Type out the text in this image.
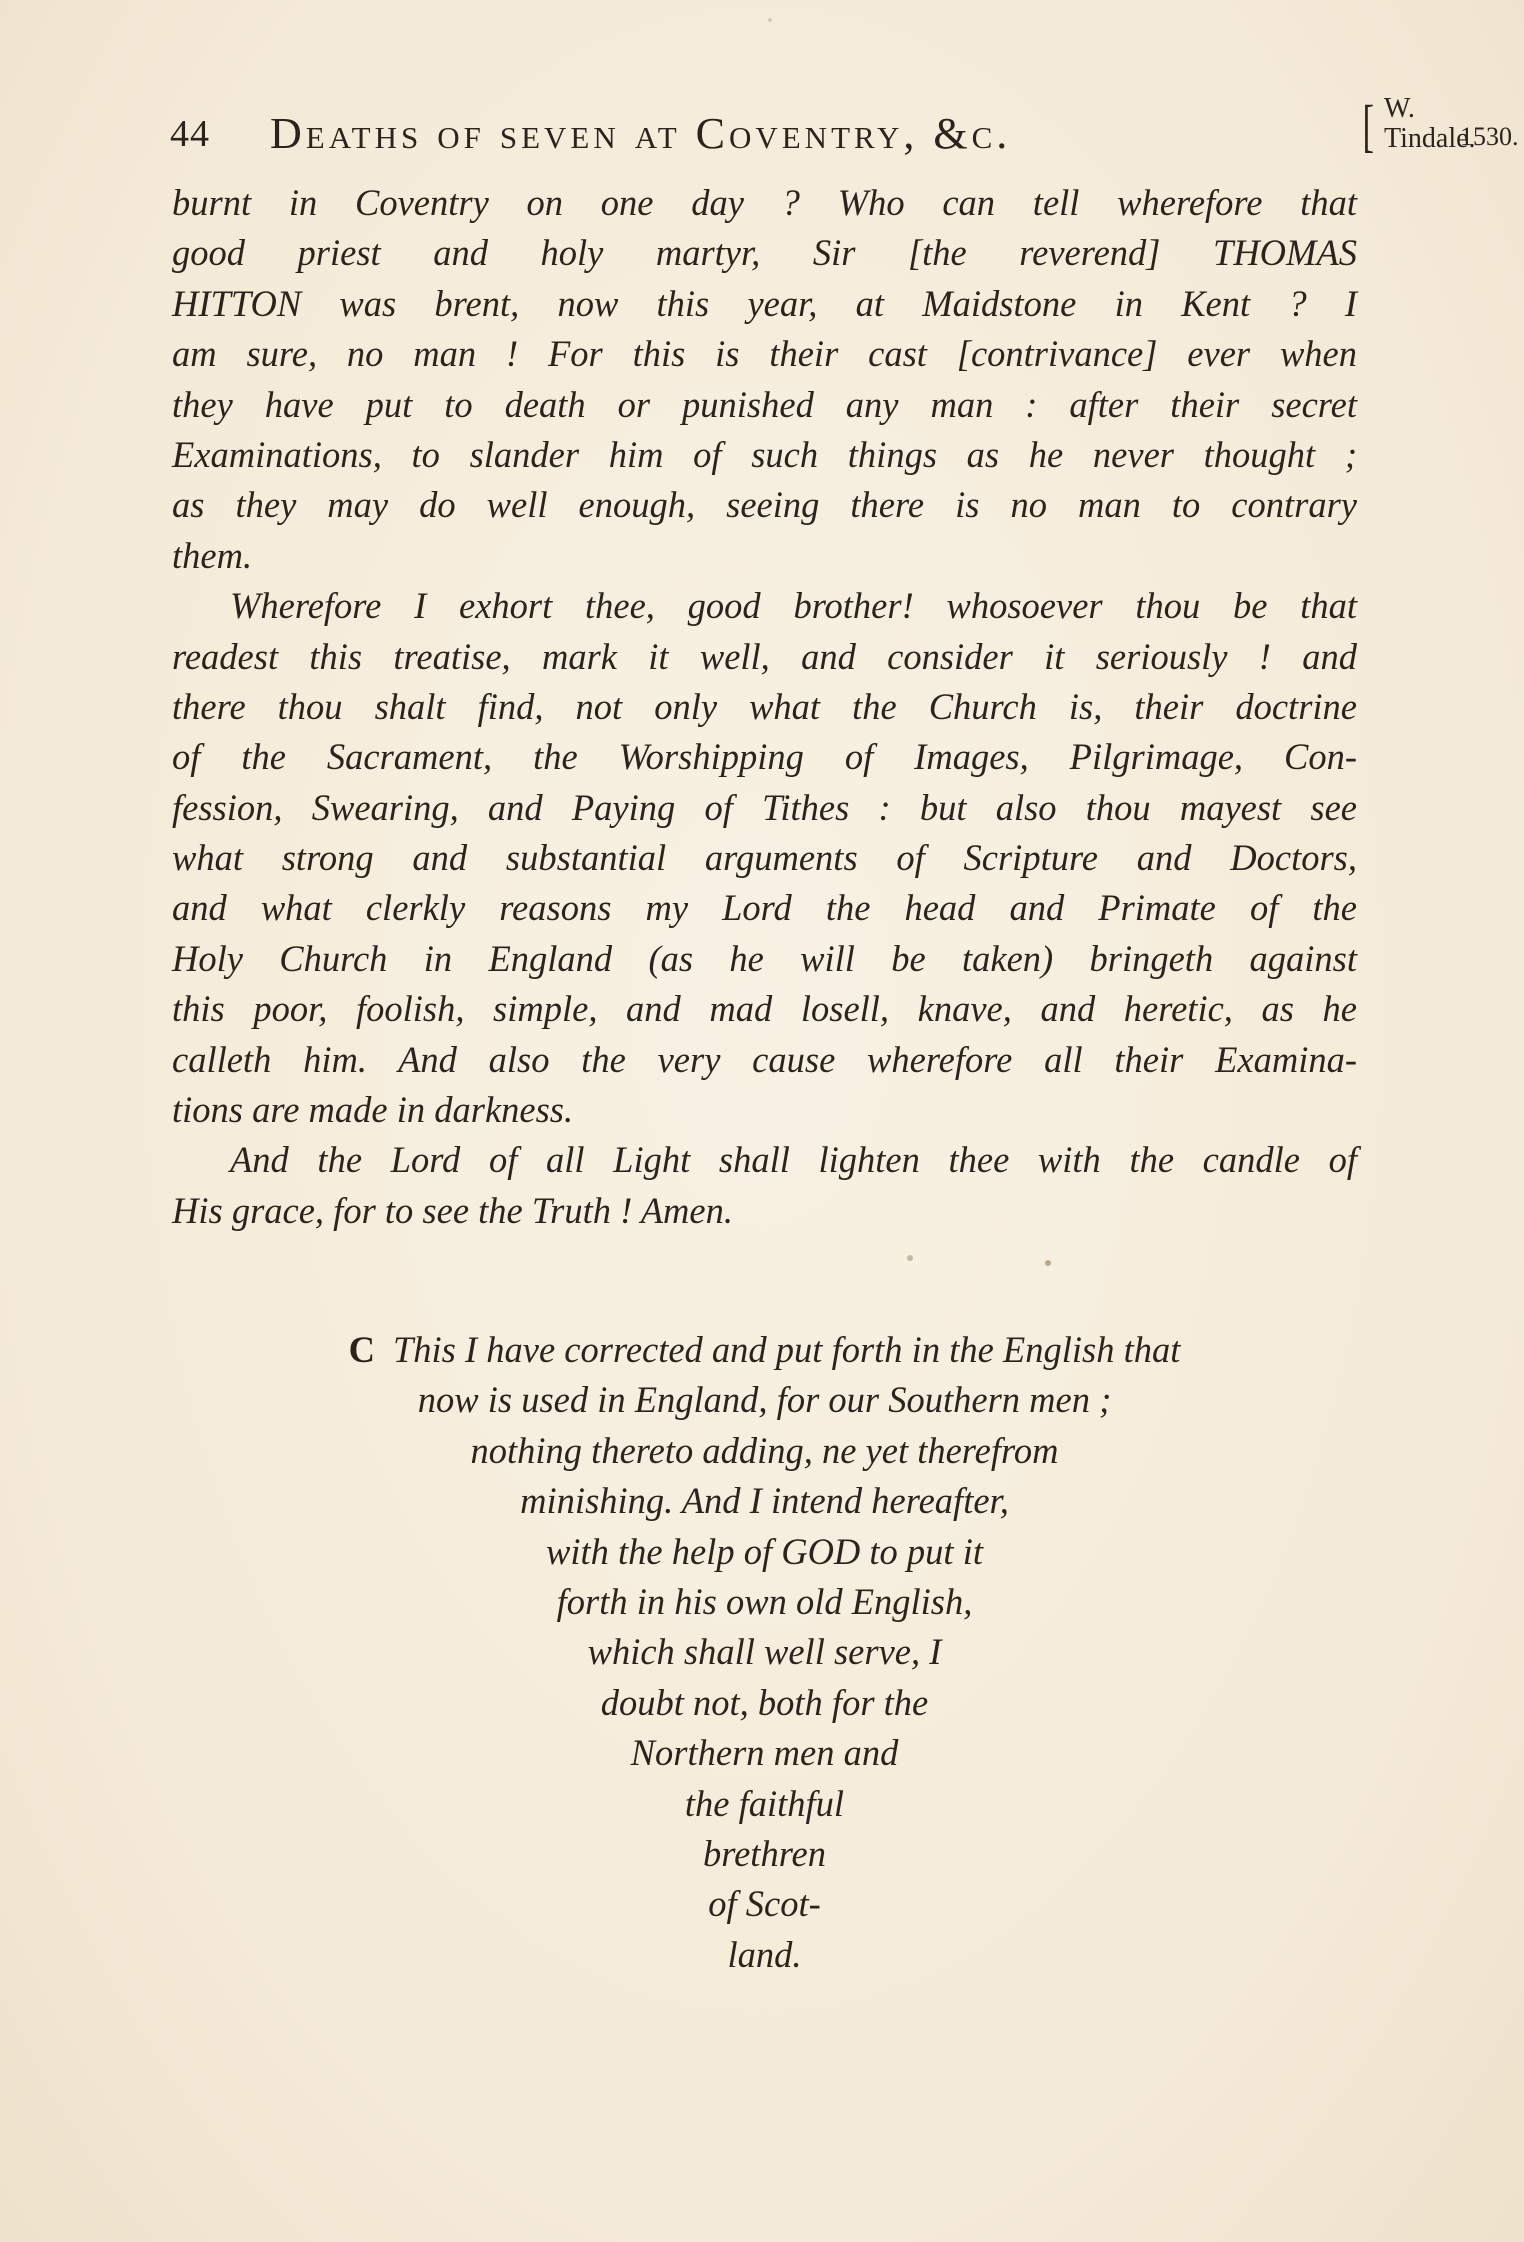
44 Deaths of seven at Coventry, &c.	[ W. Tindale.
1530.
burnt in Coventry on one day ? Who can tell wherefore that
good priest and holy martyr, Sir [the reverend] THOMAS
HITTON was brent, now this year, at Maidstone in Kent ? I
am sure, no man ! For this is their cast [contrivance] ever when
they have put to death or punished any man : after their secret
Examinations, to slander him of such things as he never thought ;
as they may do well enough, seeing there is no man to contrary
them.
Wherefore I exhort thee, good brother! whosoever thou be that
readest this treatise, mark it well, and consider it seriously ! and
there thou shalt find, not only what the Church is, their doctrine
of the Sacrament, the Worshipping of Images, Pilgrimage, Con-
fession, Swearing, and Paying of Tithes : but also thou mayest see
what strong and substantial arguments of Scripture and Doctors,
and what clerkly reasons my Lord the head and Primate of the
Holy Church in England (as he will be taken) bringeth against
this poor, foolish, simple, and mad losell, knave, and heretic, as he
calleth him. And also the very cause wherefore all their Examina-
tions are made in darkness.
And the Lord of all Light shall lighten thee with the candle of
His grace, for to see the Truth ! Amen.
C This I have corrected and put forth in the English that
now is used in England, for our Southern men ;
nothing thereto adding, ne yet therefrom
minishing. And I intend hereafter,
with the help of GOD to put it
forth in his own old English,
which shall well serve, I
doubt not, both for the
Northern men and
the faithful
brethren
of Scot-
land.
